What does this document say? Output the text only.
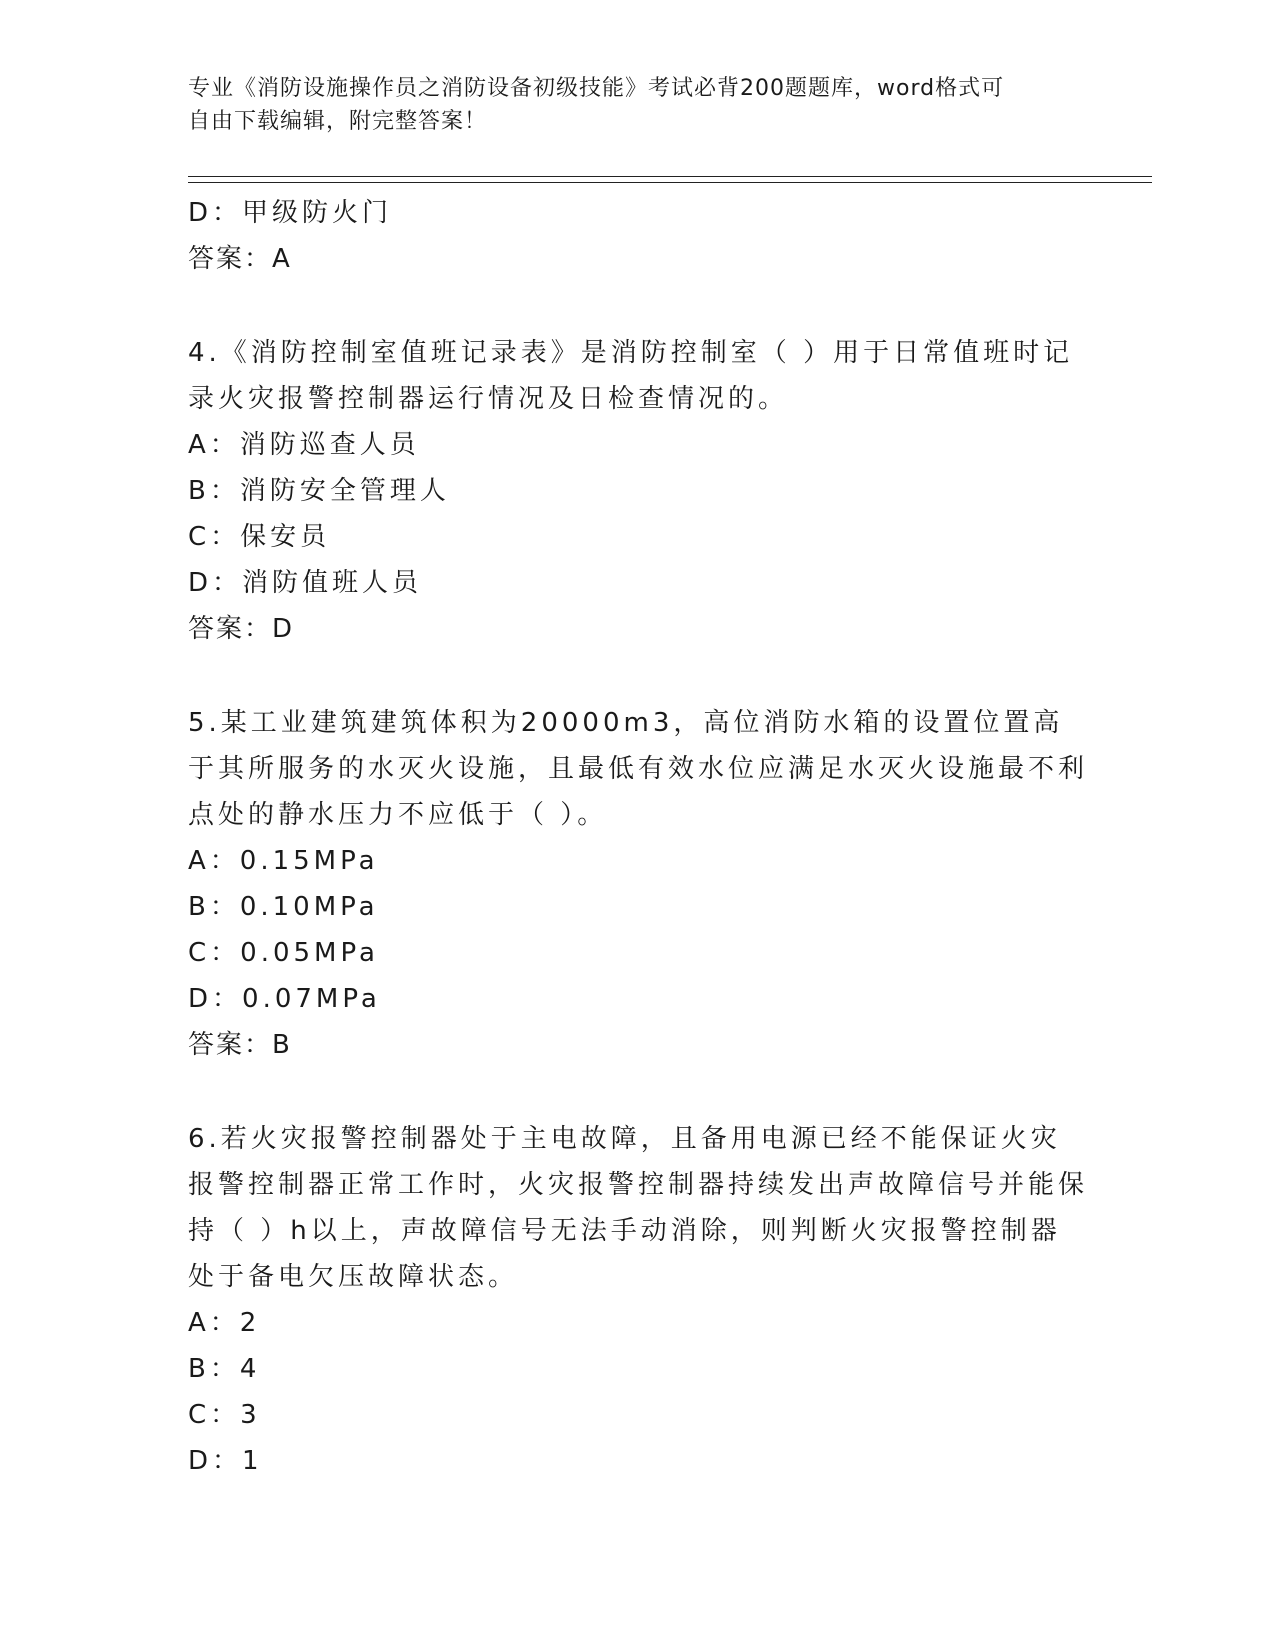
专业《消防设施操作员之消防设备初级技能》考试必背200题题库，word格式可
自由下载编辑，附完整答案！

D：甲级防火门

答案：A

4.《消防控制室值班记录表》是消防控制室（ ）用于日常值班时记录火灾报警控制器运行情况及日检查情况的。

A：消防巡查人员

B：消防安全管理人

C：保安员

D：消防值班人员

答案：D

5.某工业建筑建筑体积为20000m3，高位消防水箱的设置位置高于其所服务的水灭火设施，且最低有效水位应满足水灭火设施最不利点处的静水压力不应低于（ ）。

A：0.15MPa

B：0.10MPa

C：0.05MPa

D：0.07MPa

答案：B

6.若火灾报警控制器处于主电故障，且备用电源已经不能保证火灾报警控制器正常工作时，火灾报警控制器持续发出声故障信号并能保持（ ）h以上，声故障信号无法手动消除，则判断火灾报警控制器处于备电欠压故障状态。

A：2

B：4

C：3

D：1
